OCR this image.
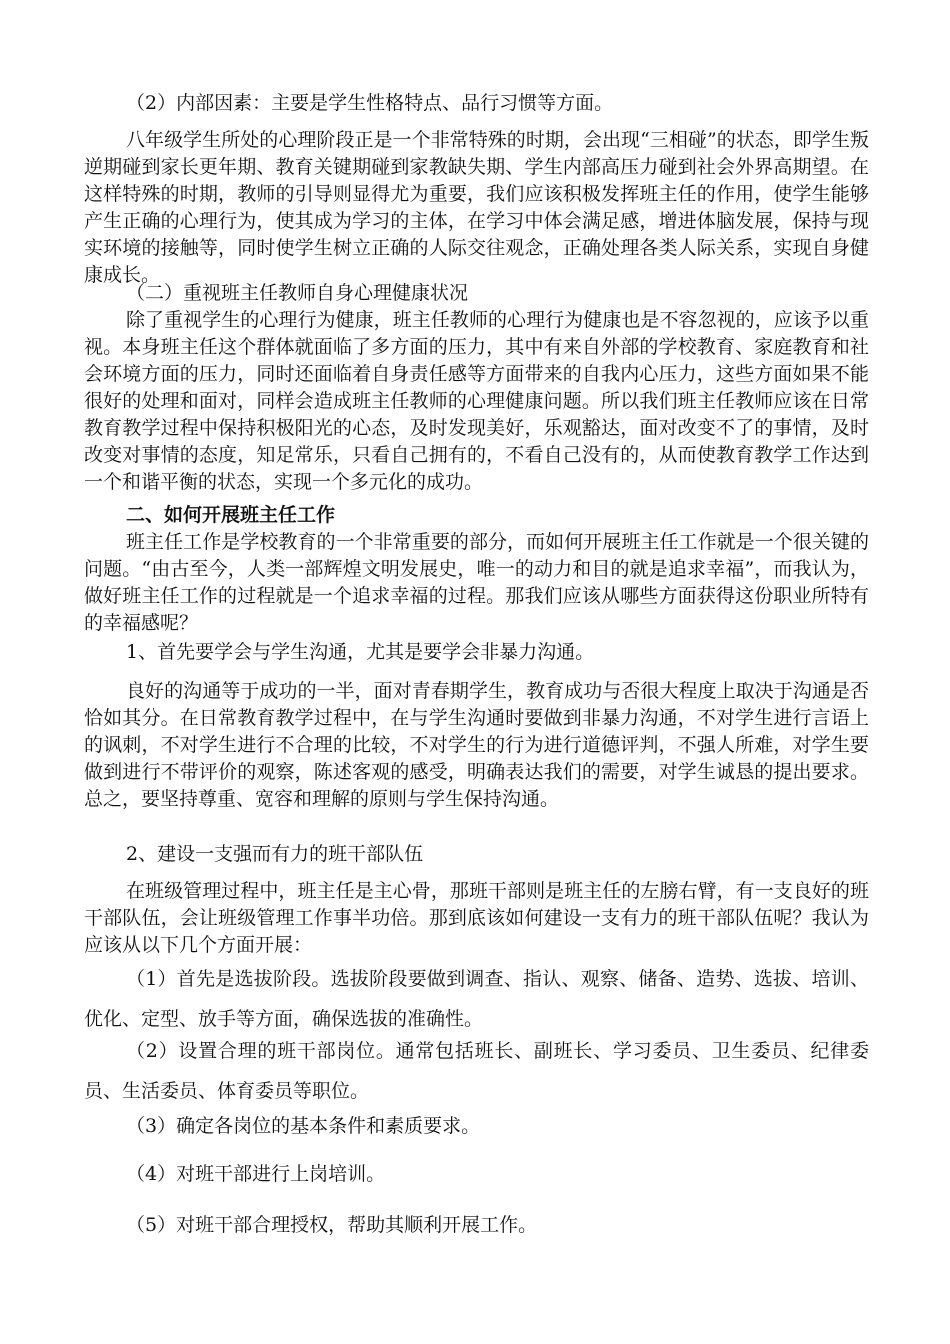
（2）内部因素：主要是学生性格特点、品行习惯等方面。

八年级学生所处的心理阶段正是一个非常特殊的时期，会出现“三相碰”的状态，即学生叛逆期碰到家长更年期、教育关键期碰到家教缺失期、学生内部高压力碰到社会外界高期望。在这样特殊的时期，教师的引导则显得尤为重要，我们应该积极发挥班主任的作用，使学生能够产生正确的心理行为，使其成为学习的主体，在学习中体会满足感，增进体脑发展，保持与现实环境的接触等，同时使学生树立正确的人际交往观念，正确处理各类人际关系，实现自身健康成长。

（二）重视班主任教师自身心理健康状况

除了重视学生的心理行为健康，班主任教师的心理行为健康也是不容忽视的，应该予以重视。本身班主任这个群体就面临了多方面的压力，其中有来自外部的学校教育、家庭教育和社会环境方面的压力，同时还面临着自身责任感等方面带来的自我内心压力，这些方面如果不能很好的处理和面对，同样会造成班主任教师的心理健康问题。所以我们班主任教师应该在日常教育教学过程中保持积极阳光的心态，及时发现美好，乐观豁达，面对改变不了的事情，及时改变对事情的态度，知足常乐，只看自己拥有的，不看自己没有的，从而使教育教学工作达到一个和谐平衡的状态，实现一个多元化的成功。

二、如何开展班主任工作

班主任工作是学校教育的一个非常重要的部分，而如何开展班主任工作就是一个很关键的问题。“由古至今，人类一部辉煌文明发展史，唯一的动力和目的就是追求幸福”，而我认为，做好班主任工作的过程就是一个追求幸福的过程。那我们应该从哪些方面获得这份职业所特有的幸福感呢？

1、首先要学会与学生沟通，尤其是要学会非暴力沟通。

良好的沟通等于成功的一半，面对青春期学生，教育成功与否很大程度上取决于沟通是否恰如其分。在日常教育教学过程中，在与学生沟通时要做到非暴力沟通，不对学生进行言语上的讽刺，不对学生进行不合理的比较，不对学生的行为进行道德评判，不强人所难，对学生要做到进行不带评价的观察，陈述客观的感受，明确表达我们的需要，对学生诚恳的提出要求。总之，要坚持尊重、宽容和理解的原则与学生保持沟通。

2、建设一支强而有力的班干部队伍

在班级管理过程中，班主任是主心骨，那班干部则是班主任的左膀右臂，有一支良好的班干部队伍，会让班级管理工作事半功倍。那到底该如何建设一支有力的班干部队伍呢？我认为应该从以下几个方面开展：

（1）首先是选拔阶段。选拔阶段要做到调查、指认、观察、储备、造势、选拔、培训、优化、定型、放手等方面，确保选拔的准确性。

（2）设置合理的班干部岗位。通常包括班长、副班长、学习委员、卫生委员、纪律委员、生活委员、体育委员等职位。

（3）确定各岗位的基本条件和素质要求。

（4）对班干部进行上岗培训。

（5）对班干部合理授权，帮助其顺利开展工作。
